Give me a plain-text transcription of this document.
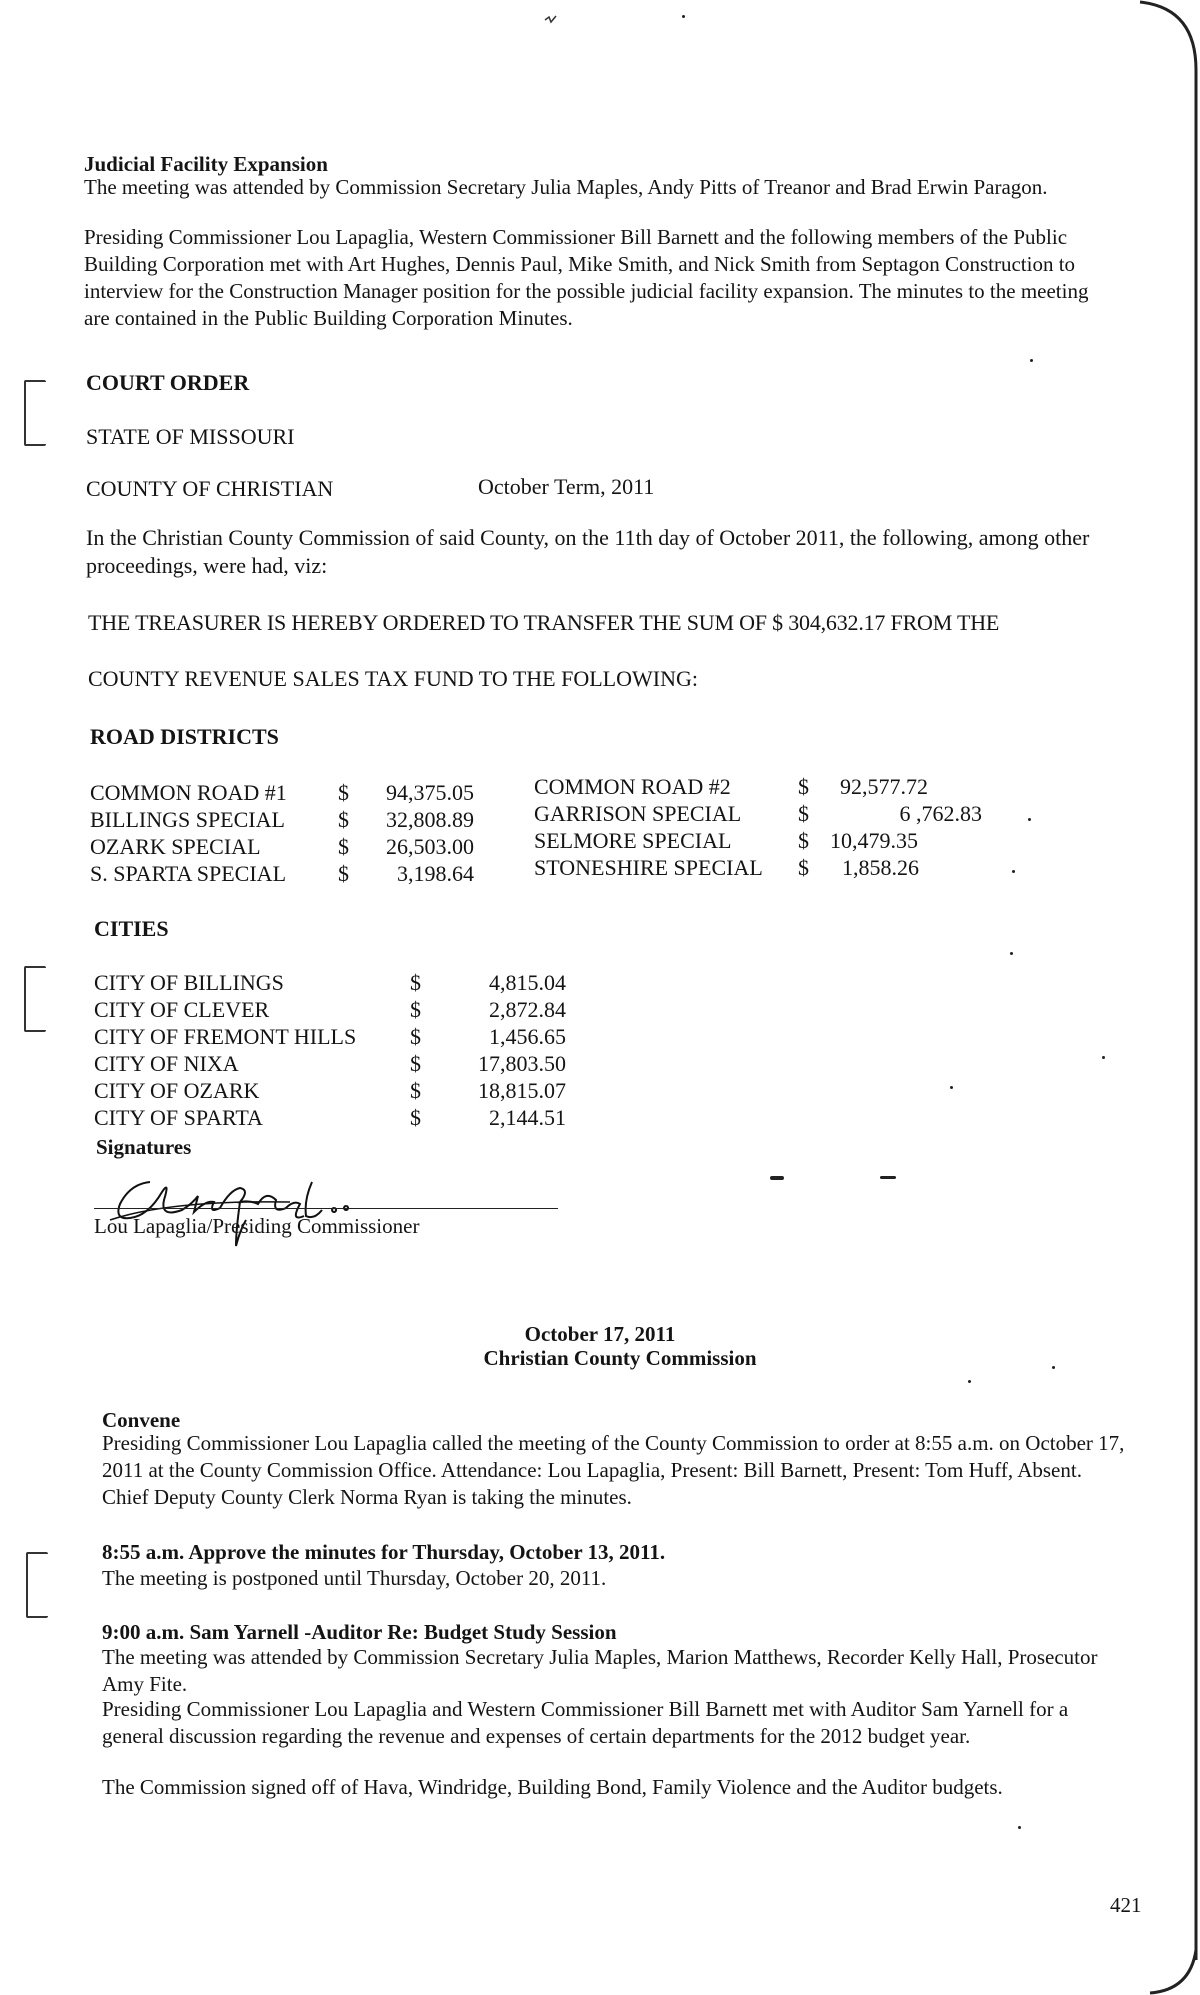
Judicial Facility Expansion
The meeting was attended by Commission Secretary Julia Maples, Andy Pitts of Treanor and Brad Erwin Paragon.
Presiding Commissioner Lou Lapaglia, Western Commissioner Bill Barnett and the following members of the Public Building Corporation met with Art Hughes, Dennis Paul, Mike Smith, and Nick Smith from Septagon Construction to interview for the Construction Manager position for the possible judicial facility expansion. The minutes to the meeting are contained in the Public Building Corporation Minutes.
COURT ORDER
STATE OF MISSOURI
COUNTY OF CHRISTIAN	October Term, 2011
In the Christian County Commission of said County, on the 11th day of October 2011, the following, among other proceedings, were had, viz:
THE TREASURER IS HEREBY ORDERED TO TRANSFER THE SUM OF $ 304,632.17 FROM THE
COUNTY REVENUE SALES TAX FUND TO THE FOLLOWING:
ROAD DISTRICTS
COMMON ROAD #1 $	94,375.05
BILLINGS SPECIAL $	32,808.89
OZARK SPECIAL	$	26,503.00
S. SPARTA SPECIAL $	3,198.64
COMMON ROAD #2	$ 92,577.72
GARRISON SPECIAL	$	6 ,762.83
SELMORE SPECIAL	$ 10,479.35
STONESHIRE SPECIAL $ 1,858.26
CITIES
CITY OF BILLINGS	$	4,815.04
CITY OF CLEVER	$	2,872.84
CITY OF FREMONT HILLS $	1,456.65
CITY OF NIXA	$	17,803.50
CITY OF OZARK	$	18,815.07
CITY OF SPARTA	$	2,144.51
Signatures
Lou Lapaglia/Presiding Commissioner
October 17, 2011
Christian County Commission
Convene
Presiding Commissioner Lou Lapaglia called the meeting of the County Commission to order at 8:55 a.m. on October 17, 2011 at the County Commission Office. Attendance: Lou Lapaglia, Present: Bill Barnett, Present: Tom Huff, Absent. Chief Deputy County Clerk Norma Ryan is taking the minutes.
8:55 a.m. Approve the minutes for Thursday, October 13, 2011.
The meeting is postponed until Thursday, October 20, 2011.
9:00 a.m. Sam Yarnell -Auditor Re: Budget Study Session
The meeting was attended by Commission Secretary Julia Maples, Marion Matthews, Recorder Kelly Hall, Prosecutor Amy Fite.
Presiding Commissioner Lou Lapaglia and Western Commissioner Bill Barnett met with Auditor Sam Yarnell for a general discussion regarding the revenue and expenses of certain departments for the 2012 budget year.
The Commission signed off of Hava, Windridge, Building Bond, Family Violence and the Auditor budgets.
421
